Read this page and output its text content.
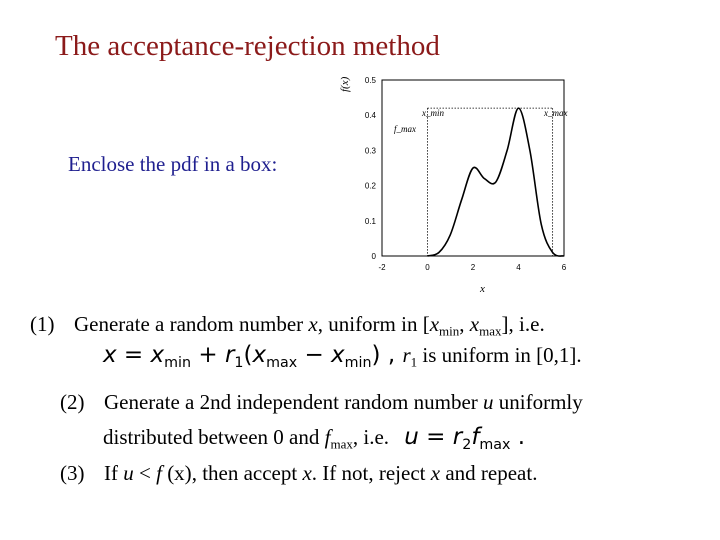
The acceptance-rejection method
Enclose the pdf in a box:
f(x)
x
-2	0	2	4	6
0
0.1
0.2
0.3
0.4
0.5
x_min	x_max
f_max
(1) Generate a random number x, uniform in [$x_{min}$, $x_{max}$], i.e.
$x = x_{min} + r_1(x_{max} - x_{min})$ , $r_1$ is uniform in [0,1].
(2) Generate a 2nd independent random number u uniformly
distributed between 0 and $f_{max}$, i.e. $u = r_2f_{max}$ .
(3) If u < f (x), then accept x. If not, reject x and repeat.
